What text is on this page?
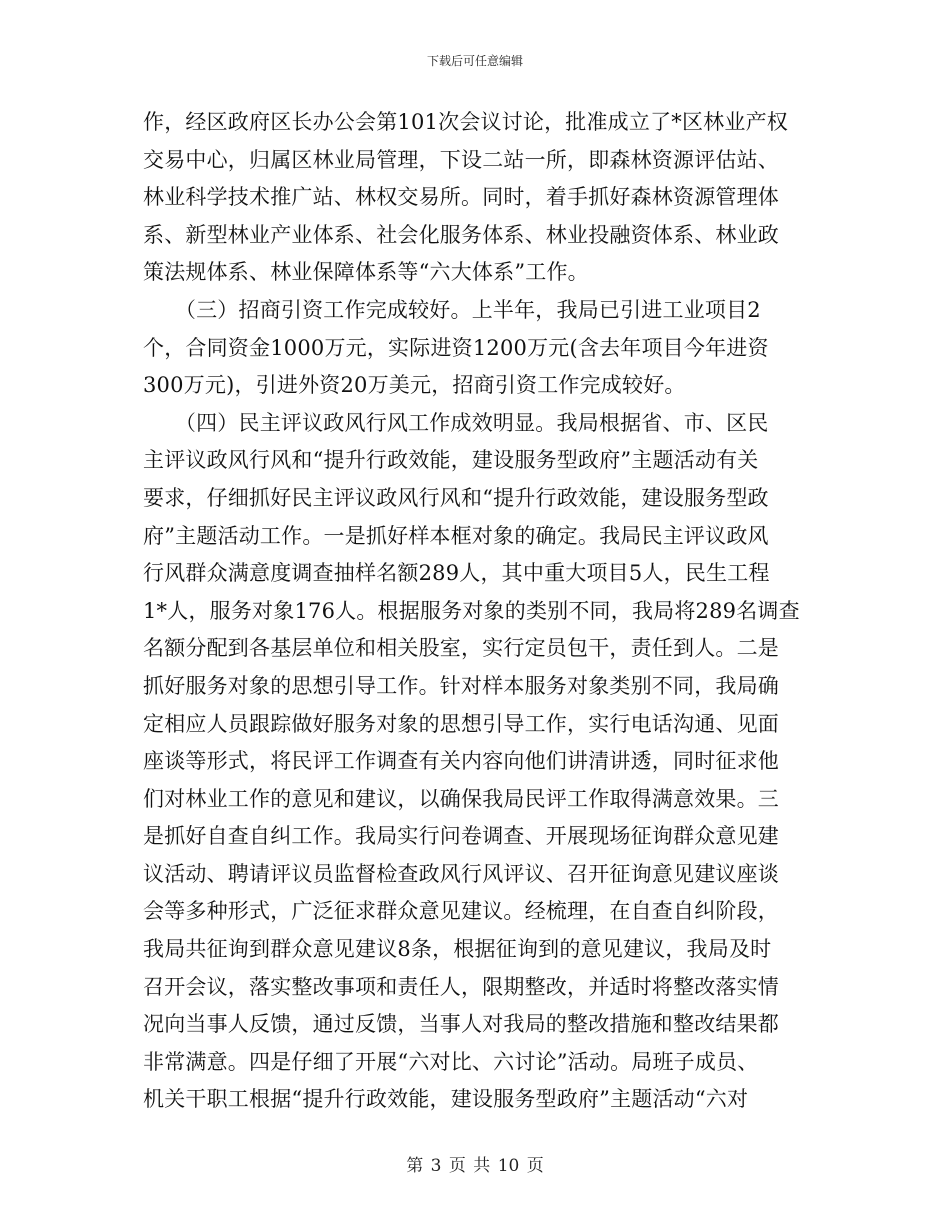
下载后可任意编辑
作，经区政府区长办公会第101次会议讨论，批准成立了*区林业产权
交易中心，归属区林业局管理，下设二站一所，即森林资源评估站、
林业科学技术推广站、林权交易所。同时，着手抓好森林资源管理体
系、新型林业产业体系、社会化服务体系、林业投融资体系、林业政
策法规体系、林业保障体系等“六大体系”工作。
　　（三）招商引资工作完成较好。上半年，我局已引进工业项目2
个，合同资金1000万元，实际进资1200万元(含去年项目今年进资
300万元)，引进外资20万美元，招商引资工作完成较好。
　　（四）民主评议政风行风工作成效明显。我局根据省、市、区民
主评议政风行风和“提升行政效能，建设服务型政府”主题活动有关
要求，仔细抓好民主评议政风行风和“提升行政效能，建设服务型政
府”主题活动工作。一是抓好样本框对象的确定。我局民主评议政风
行风群众满意度调查抽样名额289人，其中重大项目5人，民生工程
1*人，服务对象176人。根据服务对象的类别不同，我局将289名调查
名额分配到各基层单位和相关股室，实行定员包干，责任到人。二是
抓好服务对象的思想引导工作。针对样本服务对象类别不同，我局确
定相应人员跟踪做好服务对象的思想引导工作，实行电话沟通、见面
座谈等形式，将民评工作调查有关内容向他们讲清讲透，同时征求他
们对林业工作的意见和建议，以确保我局民评工作取得满意效果。三
是抓好自查自纠工作。我局实行问卷调查、开展现场征询群众意见建
议活动、聘请评议员监督检查政风行风评议、召开征询意见建议座谈
会等多种形式，广泛征求群众意见建议。经梳理，在自查自纠阶段，
我局共征询到群众意见建议8条，根据征询到的意见建议，我局及时
召开会议，落实整改事项和责任人，限期整改，并适时将整改落实情
况向当事人反馈，通过反馈，当事人对我局的整改措施和整改结果都
非常满意。四是仔细了开展“六对比、六讨论”活动。局班子成员、
机关干职工根据“提升行政效能，建设服务型政府”主题活动“六对
第 3 页 共 10 页
